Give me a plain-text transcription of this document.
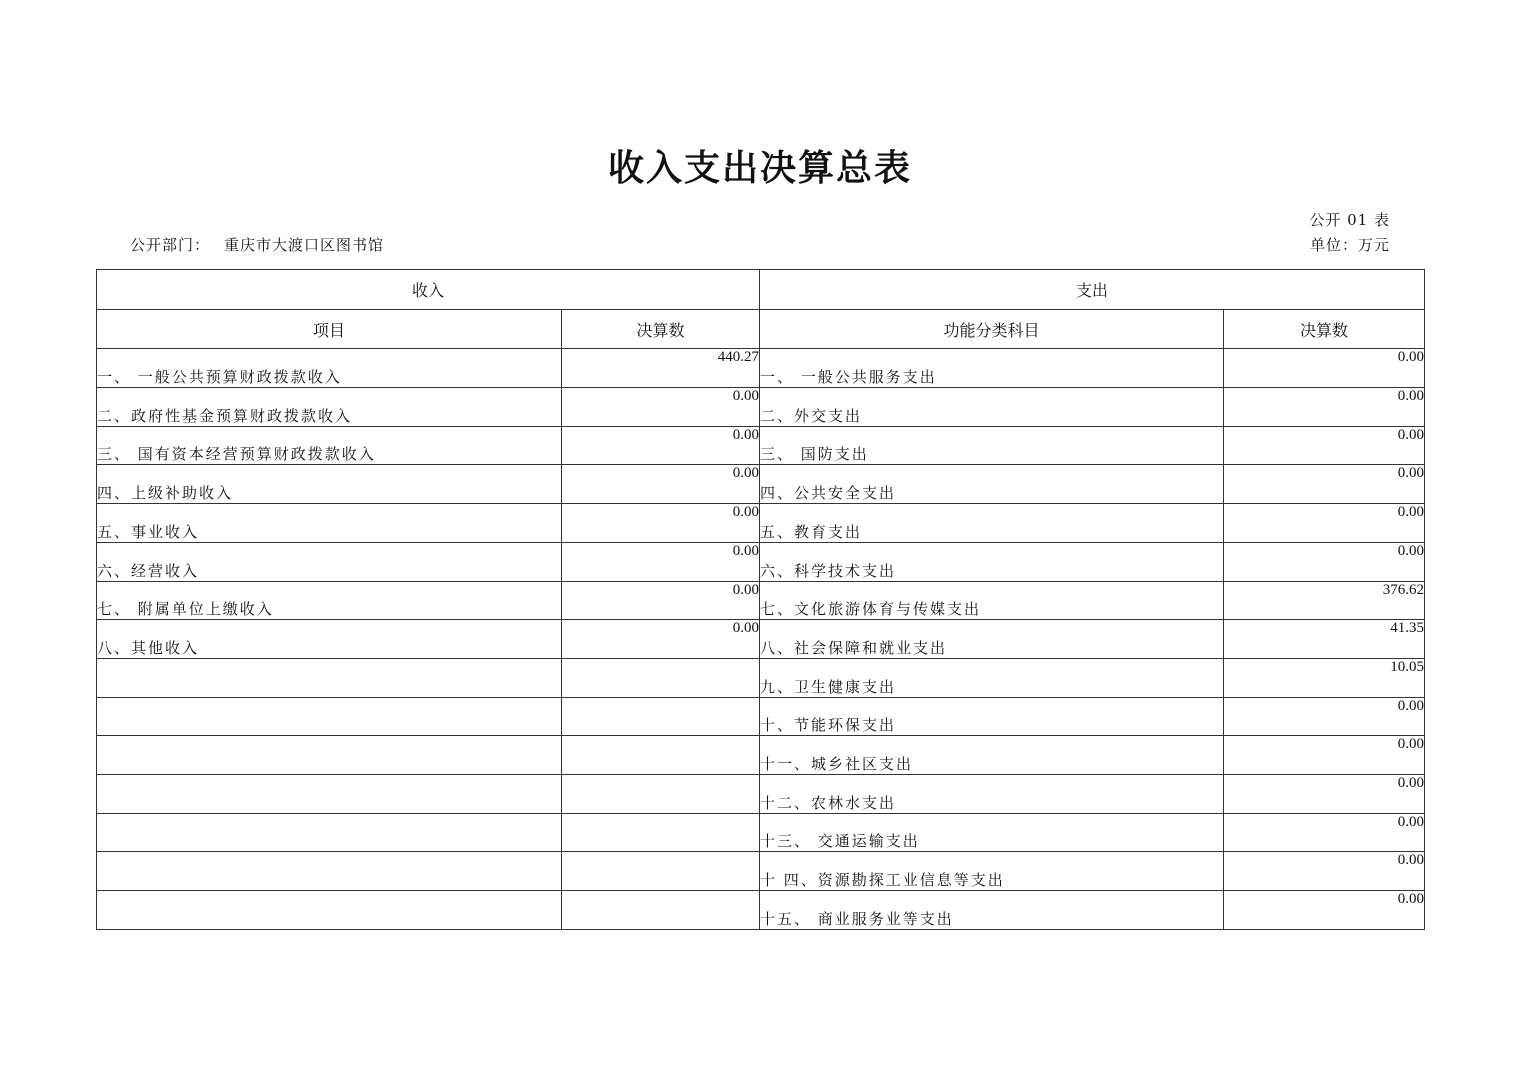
收入支出决算总表
公开 01 表
单位：万元
公开部门： 重庆市大渡口区图书馆
收入		支出	
项目	决算数	功能分类科目	决算数
一、 一般公共预算财政拨款收入	440.27	一、 一般公共服务支出	0.00
二、政府性基金预算财政拨款收入	0.00	二、外交支出	0.00
三、 国有资本经营预算财政拨款收入	0.00	三、 国防支出	0.00
四、上级补助收入	0.00	四、公共安全支出	0.00
五、事业收入	0.00	五、教育支出	0.00
六、经营收入	0.00	六、科学技术支出	0.00
七、 附属单位上缴收入	0.00	七、文化旅游体育与传媒支出	376.62
八、其他收入	0.00	八、社会保障和就业支出	41.35
		九、卫生健康支出	10.05
		十、节能环保支出	0.00
		十一、城乡社区支出	0.00
		十二、农林水支出	0.00
		十三、 交通运输支出	0.00
		十 四、资源勘探工业信息等支出	0.00
		十五、 商业服务业等支出	0.00
